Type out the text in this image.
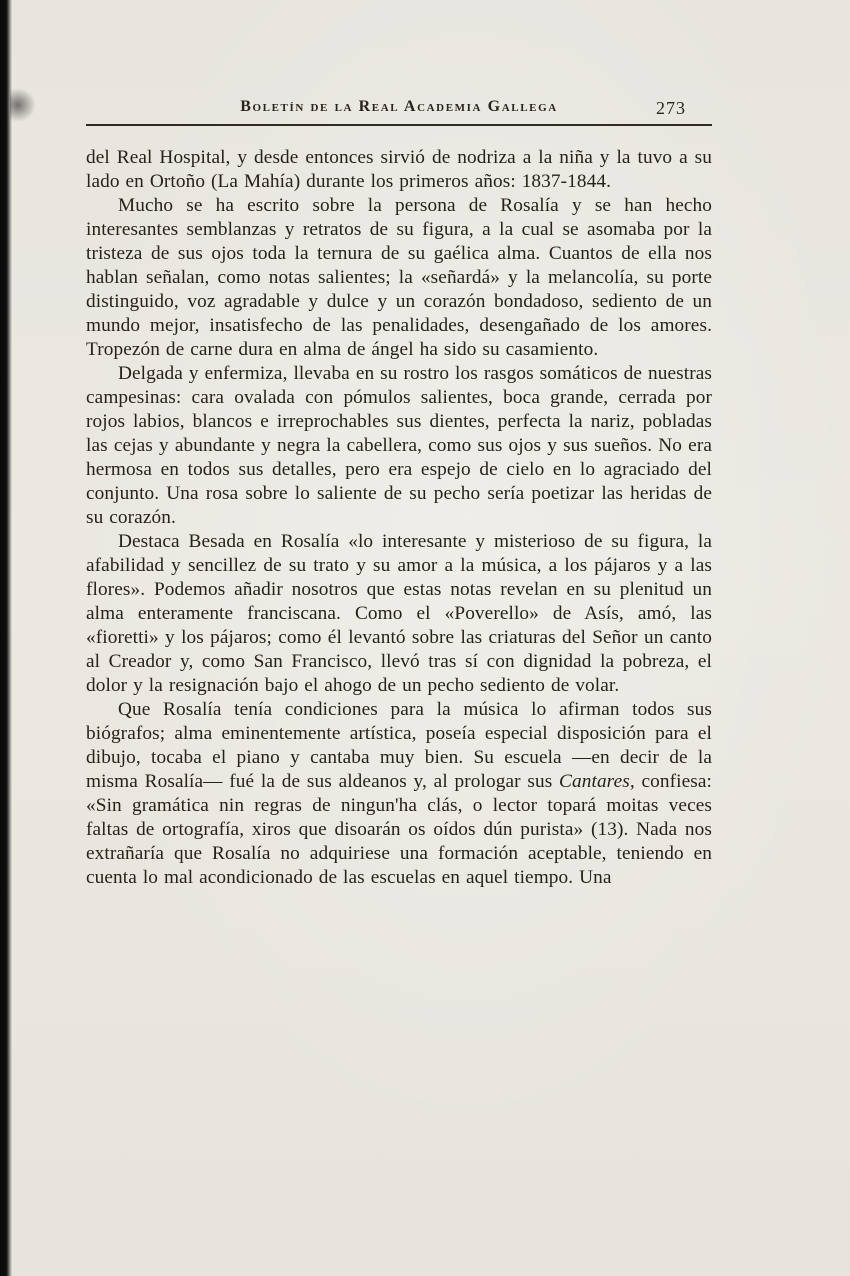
Boletín de la Real Academia Gallega	273

del Real Hospital, y desde entonces sirvió de nodriza a la niña y la tuvo a su lado en Ortoño (La Mahía) durante los primeros años: 1837-1844.

Mucho se ha escrito sobre la persona de Rosalía y se han hecho interesantes semblanzas y retratos de su figura, a la cual se asomaba por la tristeza de sus ojos toda la ternura de su gaélica alma. Cuantos de ella nos hablan señalan, como notas salientes; la «señardá» y la melancolía, su porte distinguido, voz agradable y dulce y un corazón bondadoso, sediento de un mundo mejor, insatisfecho de las penalidades, desengañado de los amores. Tropezón de carne dura en alma de ángel ha sido su casamiento.

Delgada y enfermiza, llevaba en su rostro los rasgos somáticos de nuestras campesinas: cara ovalada con pómulos salientes, boca grande, cerrada por rojos labios, blancos e irreprochables sus dientes, perfecta la nariz, pobladas las cejas y abundante y negra la cabellera, como sus ojos y sus sueños. No era hermosa en todos sus detalles, pero era espejo de cielo en lo agraciado del conjunto. Una rosa sobre lo saliente de su pecho sería poetizar las heridas de su corazón.

Destaca Besada en Rosalía «lo interesante y misterioso de su figura, la afabilidad y sencillez de su trato y su amor a la música, a los pájaros y a las flores». Podemos añadir nosotros que estas notas revelan en su plenitud un alma enteramente franciscana. Como el «Poverello» de Asís, amó, las «fioretti» y los pájaros; como él levantó sobre las criaturas del Señor un canto al Creador y, como San Francisco, llevó tras sí con dignidad la pobreza, el dolor y la resignación bajo el ahogo de un pecho sediento de volar.

Que Rosalía tenía condiciones para la música lo afirman todos sus biógrafos; alma eminentemente artística, poseía especial disposición para el dibujo, tocaba el piano y cantaba muy bien. Su escuela —en decir de la misma Rosalía— fué la de sus aldeanos y, al prologar sus Cantares, confiesa: «Sin gramática nin regras de ningun'ha clás, o lector topará moitas veces faltas de ortografía, xiros que disoarán os oídos dún purista» (13). Nada nos extrañaría que Rosalía no adquiriese una formación aceptable, teniendo en cuenta lo mal acondicionado de las escuelas en aquel tiempo. Una
